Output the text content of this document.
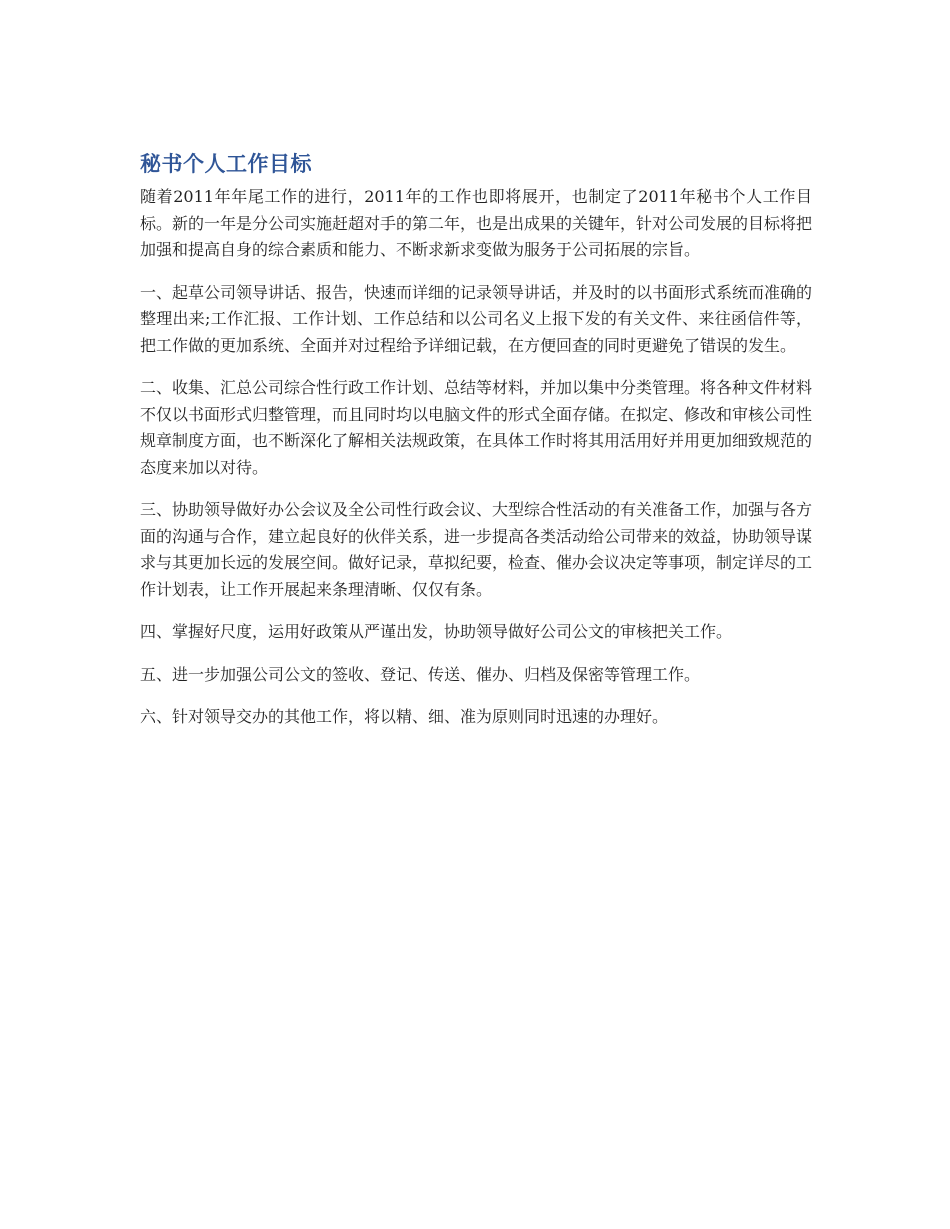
秘书个人工作目标

随着2011年年尾工作的进行，2011年的工作也即将展开，也制定了2011年秘书个人工作目标。新的一年是分公司实施赶超对手的第二年，也是出成果的关键年，针对公司发展的目标将把加强和提高自身的综合素质和能力、不断求新求变做为服务于公司拓展的宗旨。

一、起草公司领导讲话、报告，快速而详细的记录领导讲话，并及时的以书面形式系统而准确的整理出来;工作汇报、工作计划、工作总结和以公司名义上报下发的有关文件、来往函信件等，把工作做的更加系统、全面并对过程给予详细记载，在方便回查的同时更避免了错误的发生。

二、收集、汇总公司综合性行政工作计划、总结等材料，并加以集中分类管理。将各种文件材料不仅以书面形式归整管理，而且同时均以电脑文件的形式全面存储。在拟定、修改和审核公司性规章制度方面，也不断深化了解相关法规政策，在具体工作时将其用活用好并用更加细致规范的态度来加以对待。

三、协助领导做好办公会议及全公司性行政会议、大型综合性活动的有关准备工作，加强与各方面的沟通与合作，建立起良好的伙伴关系，进一步提高各类活动给公司带来的效益，协助领导谋求与其更加长远的发展空间。做好记录，草拟纪要，检查、催办会议决定等事项，制定详尽的工作计划表，让工作开展起来条理清晰、仅仅有条。

四、掌握好尺度，运用好政策从严谨出发，协助领导做好公司公文的审核把关工作。

五、进一步加强公司公文的签收、登记、传送、催办、归档及保密等管理工作。

六、针对领导交办的其他工作，将以精、细、准为原则同时迅速的办理好。
